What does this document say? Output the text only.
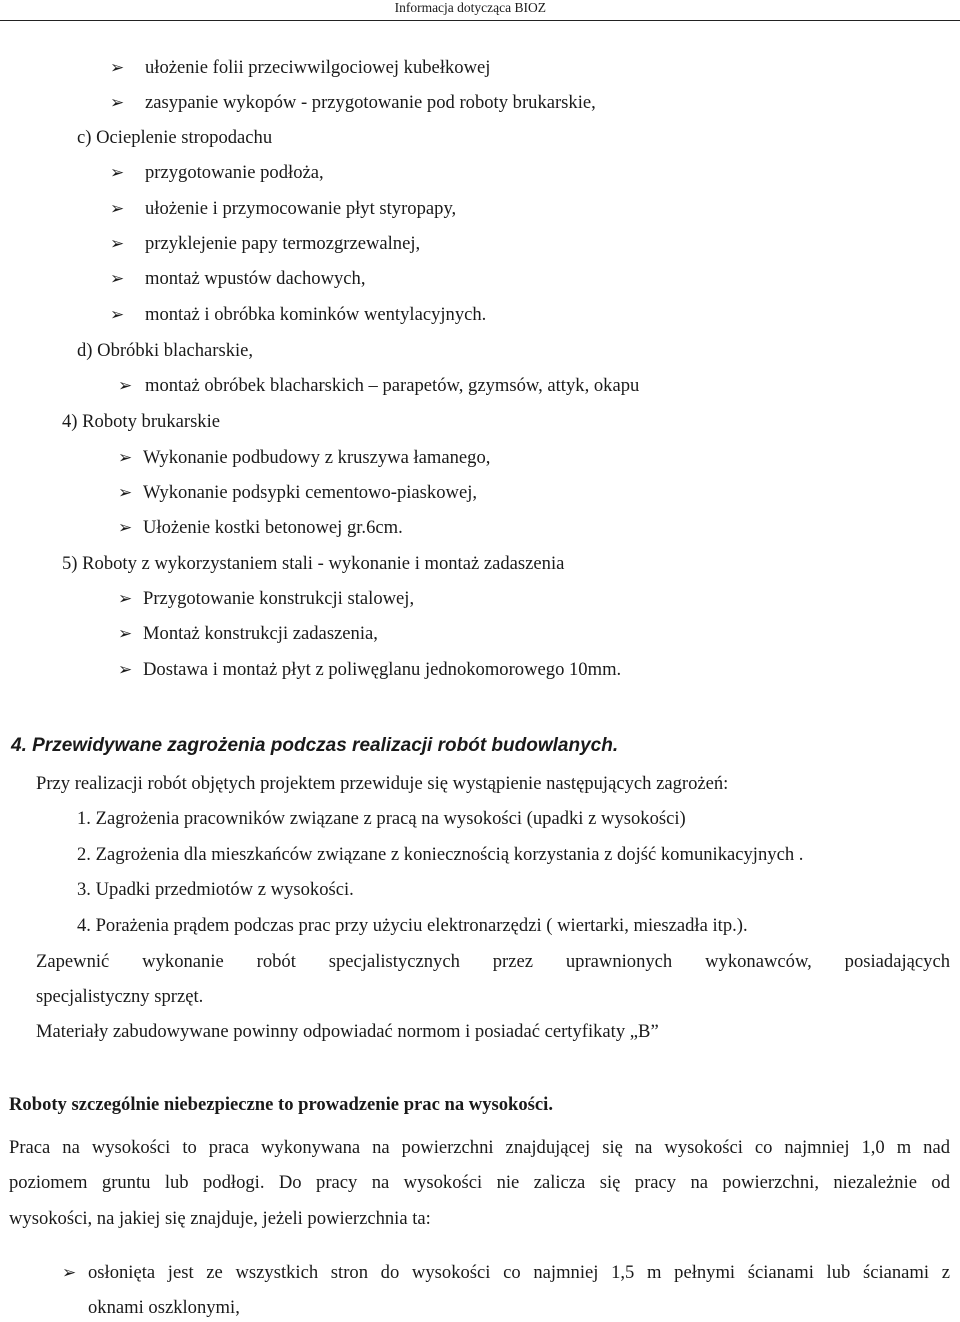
Informacja dotycząca BIOZ
➢ ułożenie folii przeciwwilgociowej kubełkowej
➢ zasypanie wykopów - przygotowanie pod roboty brukarskie,
c) Ocieplenie stropodachu
➢ przygotowanie podłoża,
➢ ułożenie i przymocowanie płyt styropapy,
➢ przyklejenie papy termozgrzewalnej,
➢ montaż wpustów dachowych,
➢ montaż i obróbka kominków wentylacyjnych.
d) Obróbki blacharskie,
➢ montaż obróbek blacharskich – parapetów, gzymsów, attyk, okapu
4) Roboty brukarskie
➢ Wykonanie podbudowy z kruszywa łamanego,
➢ Wykonanie podsypki cementowo-piaskowej,
➢ Ułożenie kostki betonowej gr.6cm.
5) Roboty z wykorzystaniem stali - wykonanie i montaż zadaszenia
➢ Przygotowanie konstrukcji stalowej,
➢ Montaż konstrukcji zadaszenia,
➢ Dostawa i montaż płyt z poliwęglanu jednokomorowego 10mm.
4. Przewidywane zagrożenia podczas realizacji robót budowlanych.
Przy realizacji robót objętych projektem przewiduje się wystąpienie następujących zagrożeń:
1. Zagrożenia pracowników związane z pracą na wysokości (upadki z wysokości)
2. Zagrożenia dla mieszkańców związane z koniecznością korzystania z dojść komunikacyjnych .
3. Upadki przedmiotów z wysokości.
4. Porażenia prądem podczas prac przy użyciu elektronarzędzi ( wiertarki, mieszadła itp.).
Zapewnić wykonanie robót specjalistycznych przez uprawnionych wykonawców, posiadających
specjalistyczny sprzęt.
Materiały zabudowywane powinny odpowiadać normom i posiadać certyfikaty „B”
Roboty szczególnie niebezpieczne to prowadzenie prac na wysokości.
Praca na wysokości to praca wykonywana na powierzchni znajdującej się na wysokości co najmniej 1,0 m nad
poziomem gruntu lub podłogi. Do pracy na wysokości nie zalicza się pracy na powierzchni, niezależnie od
wysokości, na jakiej się znajduje, jeżeli powierzchnia ta:
➢ osłonięta jest ze wszystkich stron do wysokości co najmniej 1,5 m pełnymi ścianami lub ścianami z
oknami oszklonymi,
